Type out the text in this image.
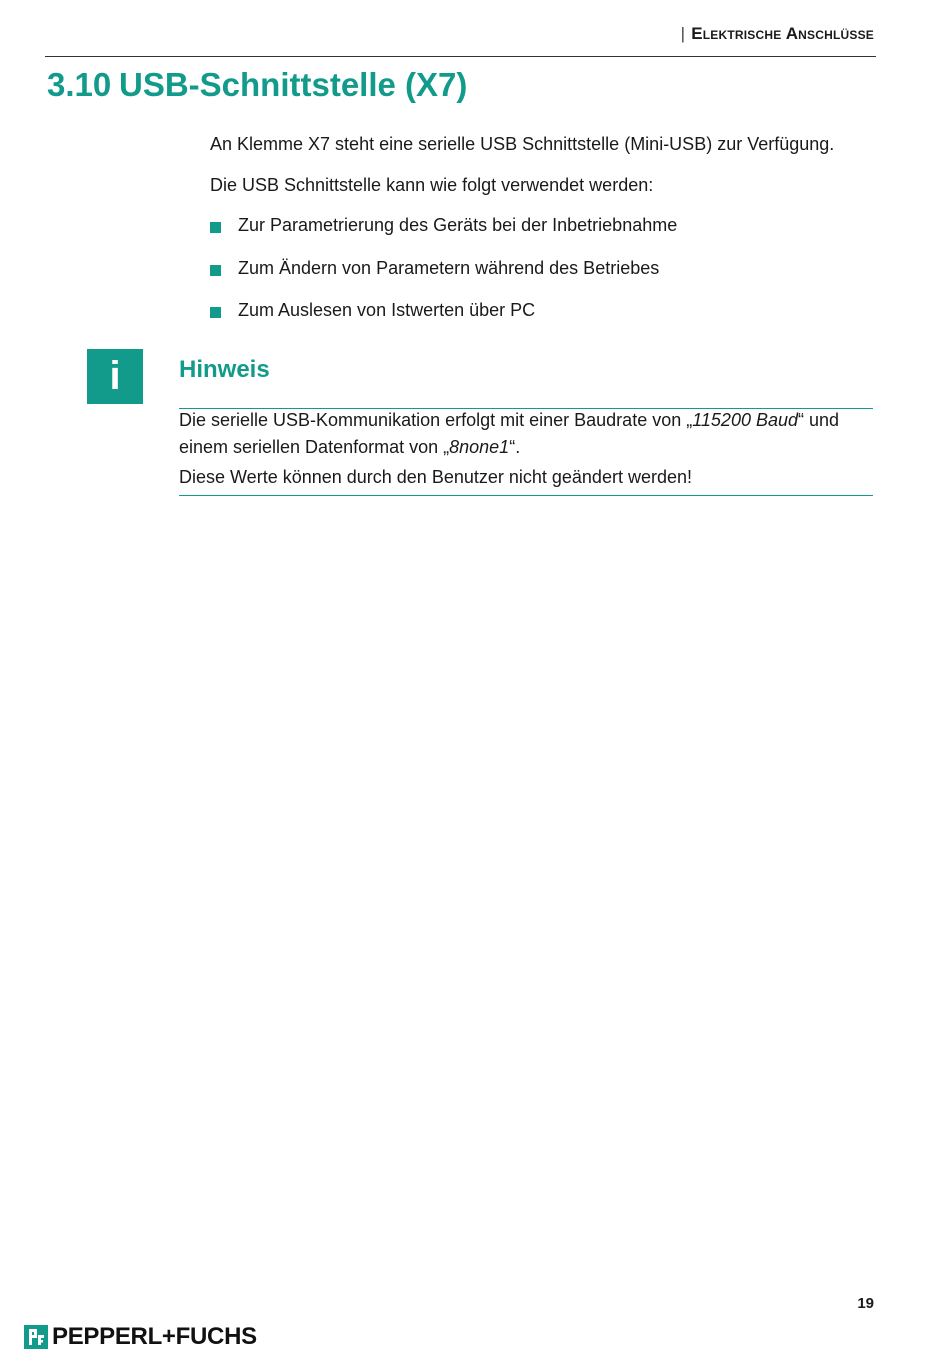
| Elektrische Anschlüsse
3.10 USB-Schnittstelle (X7)
An Klemme X7 steht eine serielle USB Schnittstelle (Mini-USB) zur Verfügung.
Die USB Schnittstelle kann wie folgt verwendet werden:
Zur Parametrierung des Geräts bei der Inbetriebnahme
Zum Ändern von Parametern während des Betriebes
Zum Auslesen von Istwerten über PC
i	Hinweis
Die serielle USB-Kommunikation erfolgt mit einer Baudrate von „115200 Baud“ und
einem seriellen Datenformat von „8none1“.
Diese Werte können durch den Benutzer nicht geändert werden!
19
PEPPERL+FUCHS
